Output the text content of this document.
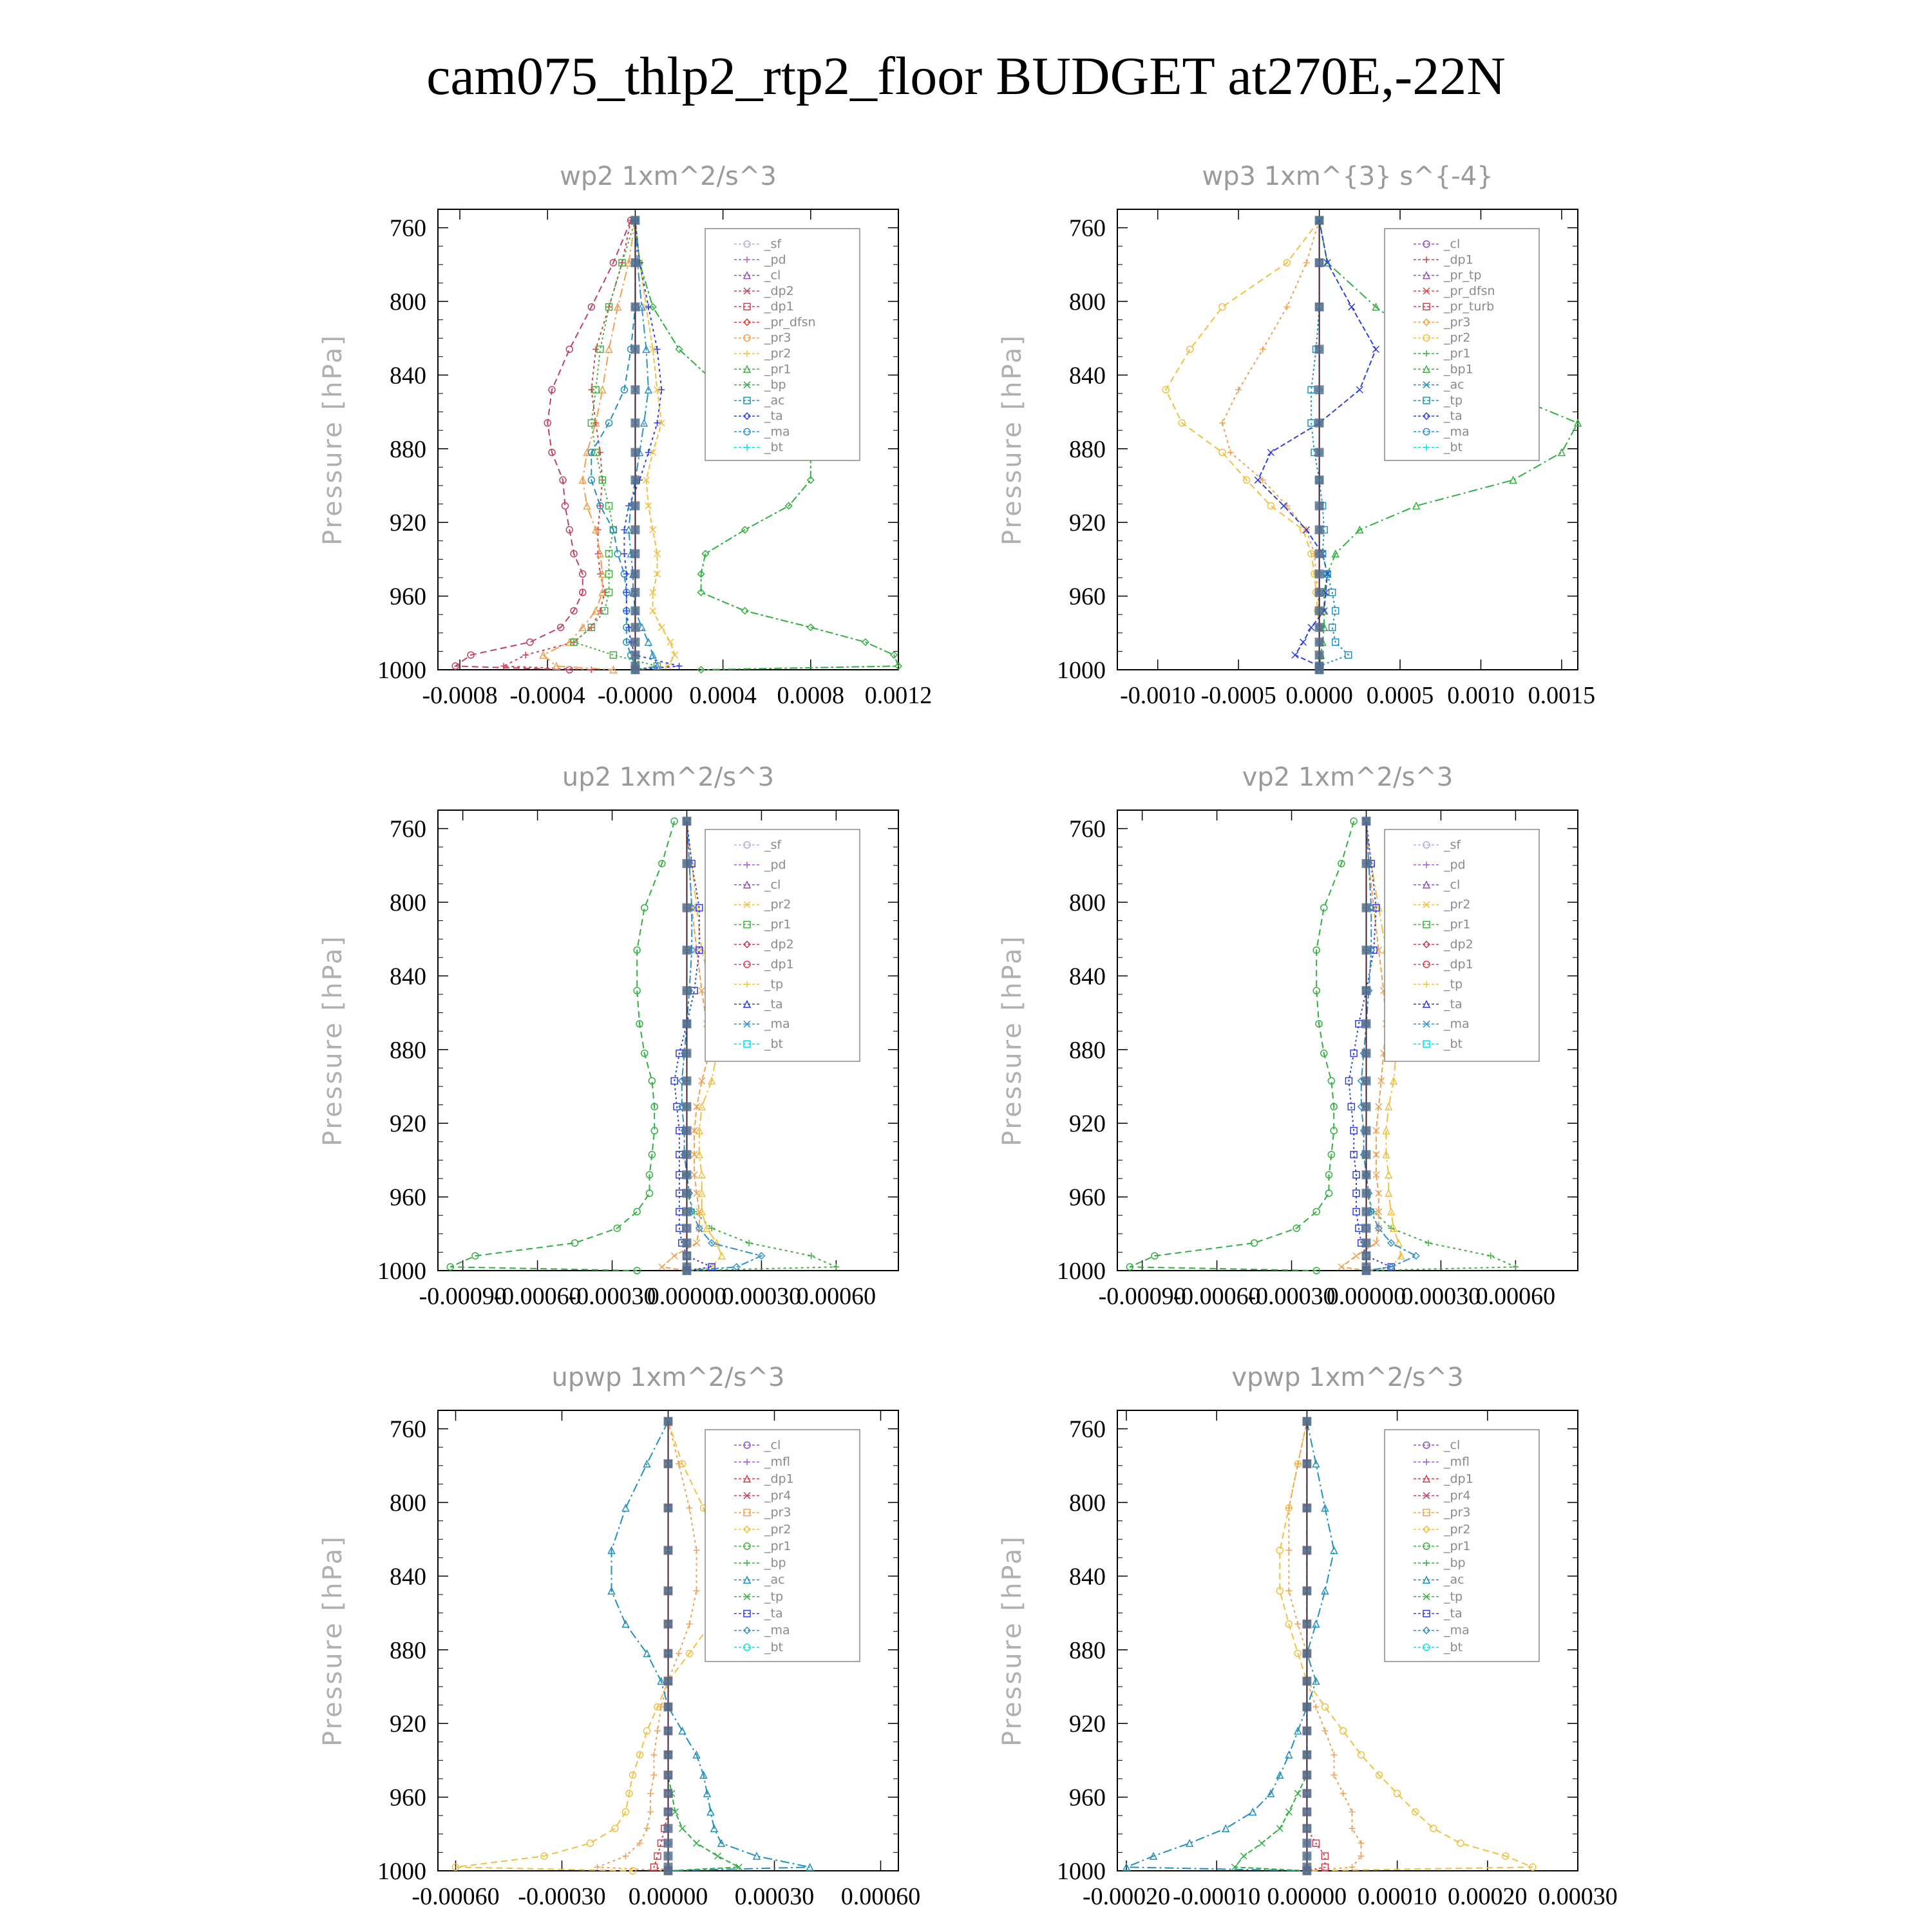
cam075_thlp2_rtp2_floor BUDGET at270E,-22N
wp2 1xm^2/s^3
Pressure [hPa]
760
800
840
880
920
960
1000
-0.0008 -0.0004 -0.0000 0.0004 0.0008 0.0012
_sf
_pd
_cl
_dp2
_dp1
_pr_dfsn
_pr3
_pr2
_pr1
_bp
_ac
_ta
_ma
_bt
wp3 1xm^{3} s^{-4}
Pressure [hPa]
760
800
840
880
920
960
1000
-0.0010 -0.0005 0.0000 0.0005 0.0010 0.0015
_cl
_dp1
_pr_tp
_pr_dfsn
_pr_turb
_pr3
_pr2
_pr1
_bp1
_ac
_tp
_ta
_ma
_bt
up2 1xm^2/s^3
Pressure [hPa]
760
800
840
880
920
960
1000
-0.00090
-0.00060
-0.00030
0.00000
0.00030
0.00060
_sf
_pd
_cl
_pr2
_pr1
_dp2
_dp1
_tp
_ta
_ma
_bt
vp2 1xm^2/s^3
Pressure [hPa]
760
800
840
880
920
960
1000
-0.00090
-0.00060
-0.00030
0.00000
0.00030
0.00060
_sf
_pd
_cl
_pr2
_pr1
_dp2
_dp1
_tp
_ta
_ma
_bt
upwp 1xm^2/s^3
Pressure [hPa]
760
800
840
880
920
960
1000
-0.00060 -0.00030 0.00000 0.00030 0.00060
_cl
_mfl
_dp1
_pr4
_pr3
_pr2
_pr1
_bp
_ac
_tp
_ta
_ma
_bt
vpwp 1xm^2/s^3
Pressure [hPa]
760
800
840
880
920
960
1000
-0.00020 -0.00010 0.00000 0.00010 0.00020 0.00030
_cl
_mfl
_dp1
_pr4
_pr3
_pr2
_pr1
_bp
_ac
_tp
_ta
_ma
_bt
